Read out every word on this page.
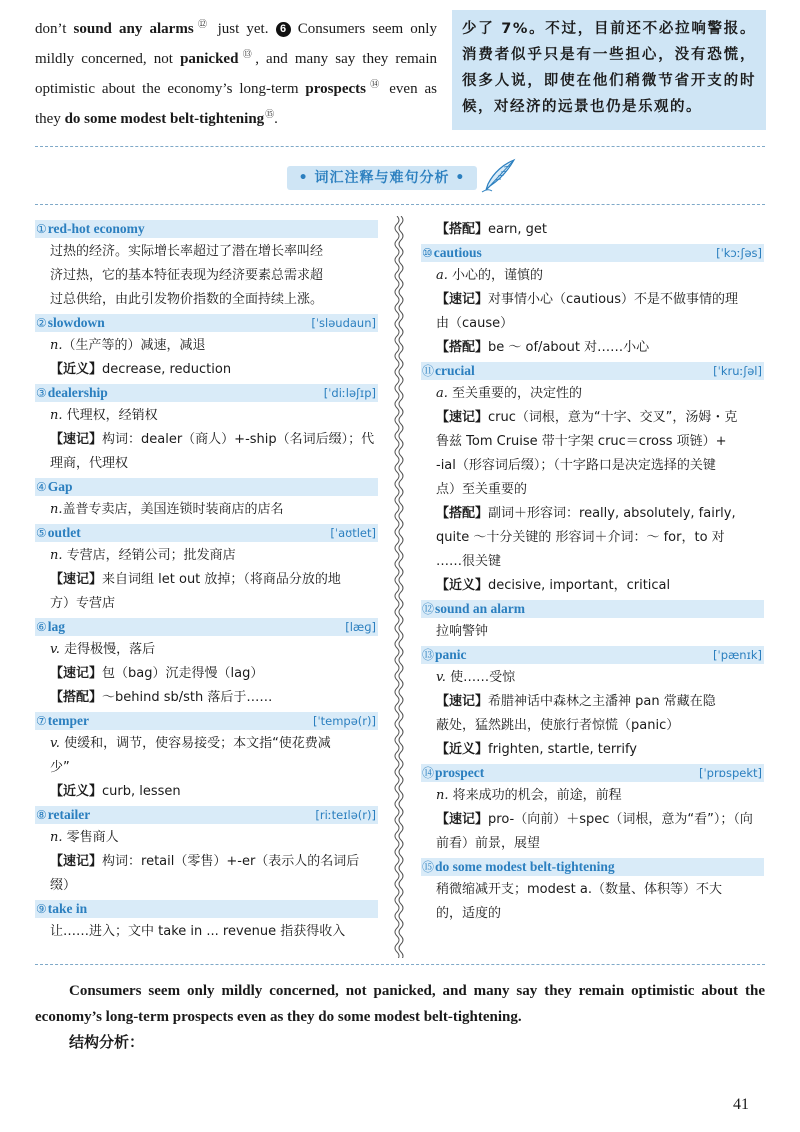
don’t sound any alarms⑫ just yet. 6 Consumers seem only mildly concerned, not panicked⑬, and many say they remain optimistic about the economy’s long-term prospects⑭ even as they do some modest belt-tightening⑮.
少了 7%。不过，目前还不必拉响警报。消费者似乎只是有一些担心，没有恐慌，很多人说，即使在他们稍微节省开支的时候，对经济的远景也仍是乐观的。
• 词汇注释与难句分析 •
①red-hot economy
过热的经济。实际增长率超过了潜在增长率叫经
济过热，它的基本特征表现为经济要素总需求超
过总供给，由此引发物价指数的全面持续上涨。
②slowdown	[ˈsləudaun]
n.（生产等的）减速，减退
【近义】decrease, reduction
③dealership	[ˈdiːləʃɪp]
n. 代理权，经销权
【速记】构词：dealer（商人）+-ship（名词后缀）；代
理商，代理权
④Gap
n.盖普专卖店，美国连锁时装商店的店名
⑤outlet	[ˈaʊtlet]
n. 专营店，经销公司；批发商店
【速记】来自词组 let out 放掉；（将商品分放的地
方）专营店
⑥lag	[læɡ]
v. 走得极慢，落后
【速记】包（bag）沉走得慢（lag）
【搭配】～behind sb/sth 落后于……
⑦temper	[ˈtempə(r)]
v. 使缓和，调节，使容易接受；本文指“使花费减
少”
【近义】curb, lessen
⑧retailer	[riːteɪlə(r)]
n. 零售商人
【速记】构词：retail（零售）+-er（表示人的名词后
缀）
⑨take in
让……进入；文中 take in ... revenue 指获得收入
【搭配】earn, get
⑩cautious	[ˈkɔːʃəs]
a. 小心的，谨慎的
【速记】对事情小心（cautious）不是不做事情的理
由（cause）
【搭配】be ～ of/about 对……小心
⑪crucial	[ˈkruːʃəl]
a. 至关重要的，决定性的
【速记】cruc（词根，意为“十字、交叉”，汤姆・克
鲁兹 Tom Cruise 带十字架 cruc＝cross 项链）+
-ial（形容词后缀）；（十字路口是决定选择的关键
点）至关重要的
【搭配】副词＋形容词：really, absolutely, fairly,
quite ～十分关键的 形容词＋介词：～ for，to 对
……很关键
【近义】decisive, important，critical
⑫sound an alarm
拉响警钟
⑬panic	[ˈpænɪk]
v. 使……受惊
【速记】希腊神话中森林之主潘神 pan 常藏在隐
蔽处，猛然跳出，使旅行者惊慌（panic）
【近义】frighten, startle, terrify
⑭prospect	[ˈprɒspekt]
n. 将来成功的机会，前途，前程
【速记】pro-（向前）＋spec（词根，意为“看”）；（向
前看）前景，展望
⑮do some modest belt-tightening
稍微缩减开支；modest a.（数量、体积等）不大
的，适度的
Consumers seem only mildly concerned, not panicked, and many say they remain optimistic about the economy’s long-term prospects even as they do some modest belt-tightening.
结构分析：
41
